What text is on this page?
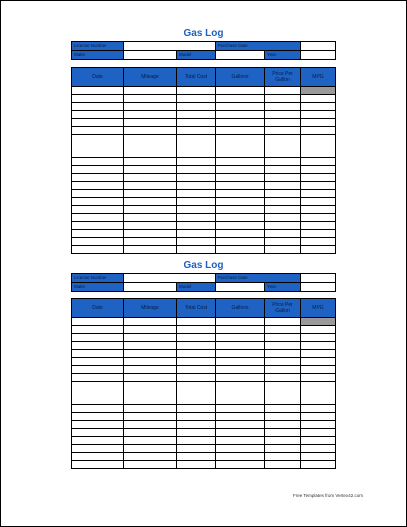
Gas Log
License Number			Purchase Date		
Make		Model		Year	
Date	Mileage	Total Cost	Gallons	Price Per Gallon	MPG

Gas Log
License Number			Purchase Date		
Make		Model		Year	
Date	Mileage	Total Cost	Gallons	Price Per Gallon	MPG

Free Templates from Vertex42.com
